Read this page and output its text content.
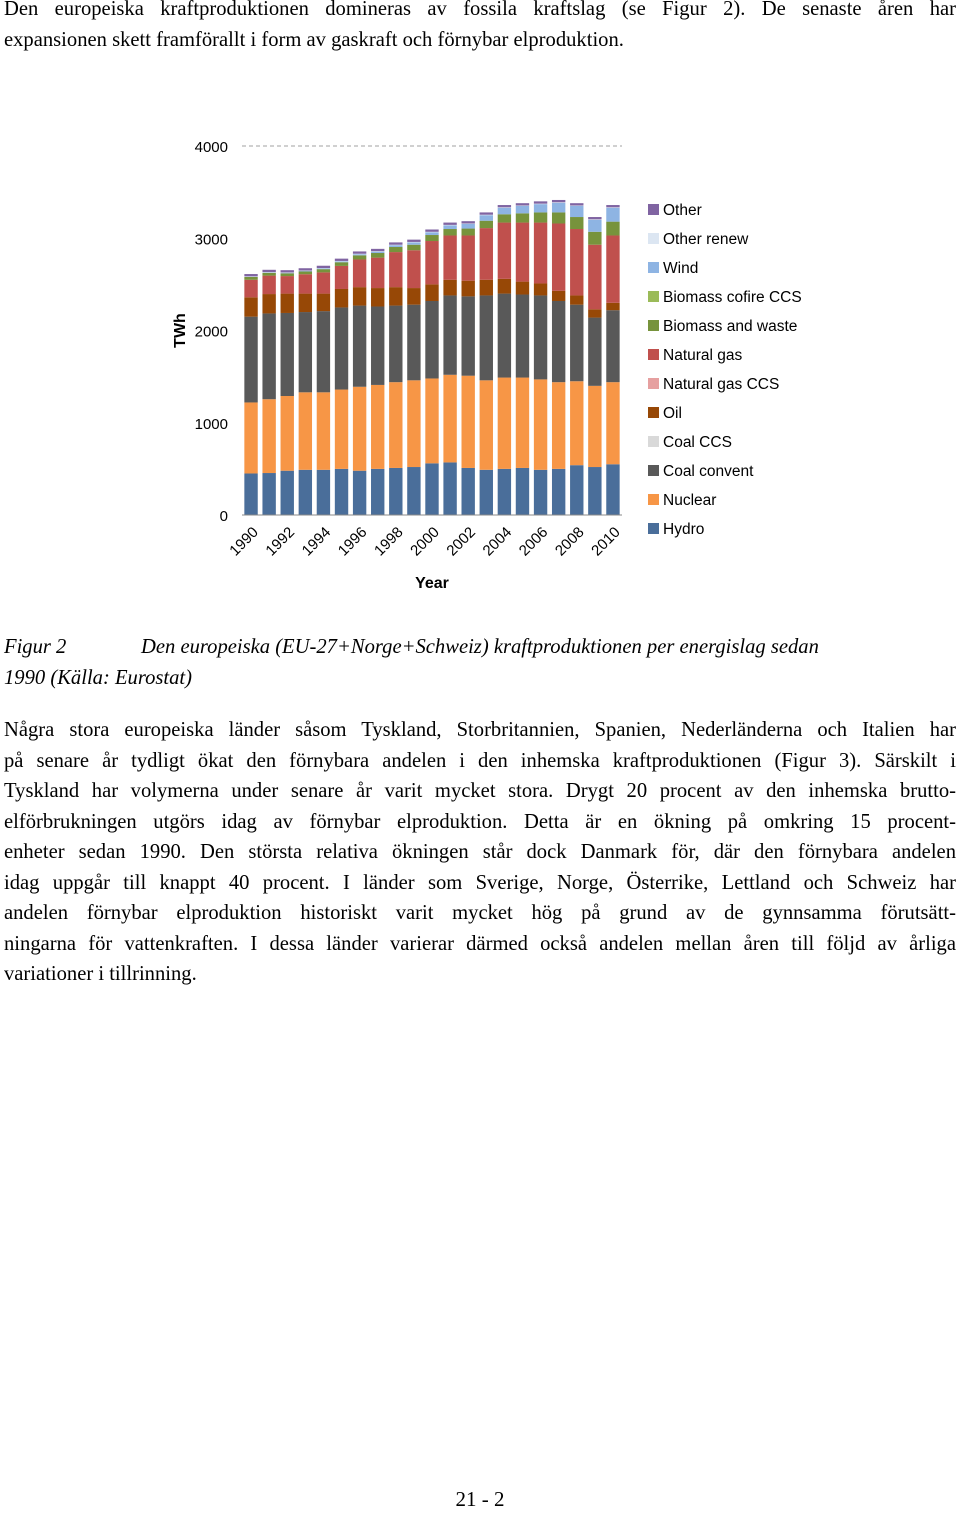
Den europeiska kraftproduktionen domineras av fossila kraftslag (se Figur 2). De senaste åren har
expansionen skett framförallt i form av gaskraft och förnybar elproduktion.

0
1000
2000
3000
4000
TWh
1990 1992 1994 1996 1998 2000 2002 2004 2006 2008 2010
Year
Other
Other renew
Wind
Biomass cofire CCS
Biomass and waste
Natural gas
Natural gas CCS
Oil
Coal CCS
Coal convent
Nuclear
Hydro

Figur 2	Den europeiska (EU-27+Norge+Schweiz) kraftproduktionen per energislag sedan
1990 (Källa: Eurostat)

Några stora europeiska länder såsom Tyskland, Storbritannien, Spanien, Nederländerna och Italien har
på senare år tydligt ökat den förnybara andelen i den inhemska kraftproduktionen (Figur 3). Särskilt i
Tyskland har volymerna under senare år varit mycket stora. Drygt 20 procent av den inhemska brutto-
elförbrukningen utgörs idag av förnybar elproduktion. Detta är en ökning på omkring 15 procent-
enheter sedan 1990. Den största relativa ökningen står dock Danmark för, där den förnybara andelen
idag uppgår till knappt 40 procent. I länder som Sverige, Norge, Österrike, Lettland och Schweiz har
andelen förnybar elproduktion historiskt varit mycket hög på grund av de gynnsamma förutsätt-
ningarna för vattenkraften. I dessa länder varierar därmed också andelen mellan åren till följd av årliga
variationer i tillrinning.
21 - 2
